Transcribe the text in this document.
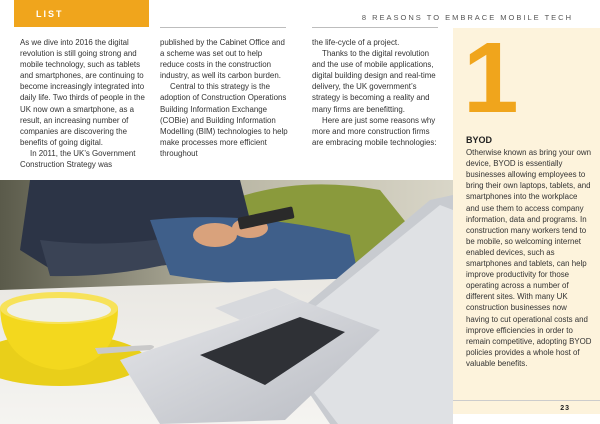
LIST	8 REASONS TO EMBRACE MOBILE TECH

As we dive into 2016 the digital revolution is still going strong and mobile technology, such as tablets and smartphones, are continuing to become increasingly integrated into daily life. Two thirds of people in the UK now own a smartphone, as a result, an increasing number of companies are discovering the benefits of going digital.

In 2011, the UK’s Government Construction Strategy was

published by the Cabinet Office and a scheme was set out to help reduce costs in the construction industry, as well its carbon burden.

Central to this strategy is the adoption of Construction Operations Building Information Exchange (COBie) and Building Information Modelling (BIM) technologies to help make processes more efficient throughout

the life-cycle of a project.

Thanks to the digital revolution and the use of mobile applications, digital building design and real-time delivery, the UK government’s strategy is becoming a reality and many firms are benefitting.

Here are just some reasons why more and more construction firms are embracing mobile technologies:

1
BYOD
Otherwise known as bring your own device, BYOD is essentially businesses allowing employees to bring their own laptops, tablets, and smartphones into the workplace and use them to access company information, data and programs. In construction many workers tend to be mobile, so welcoming internet enabled devices, such as smartphones and tablets, can help improve productivity for those operating across a number of different sites. With many UK construction businesses now having to cut operational costs and improve efficiencies in order to remain competitive, adopting BYOD policies provides a whole host of valuable benefits.
23
